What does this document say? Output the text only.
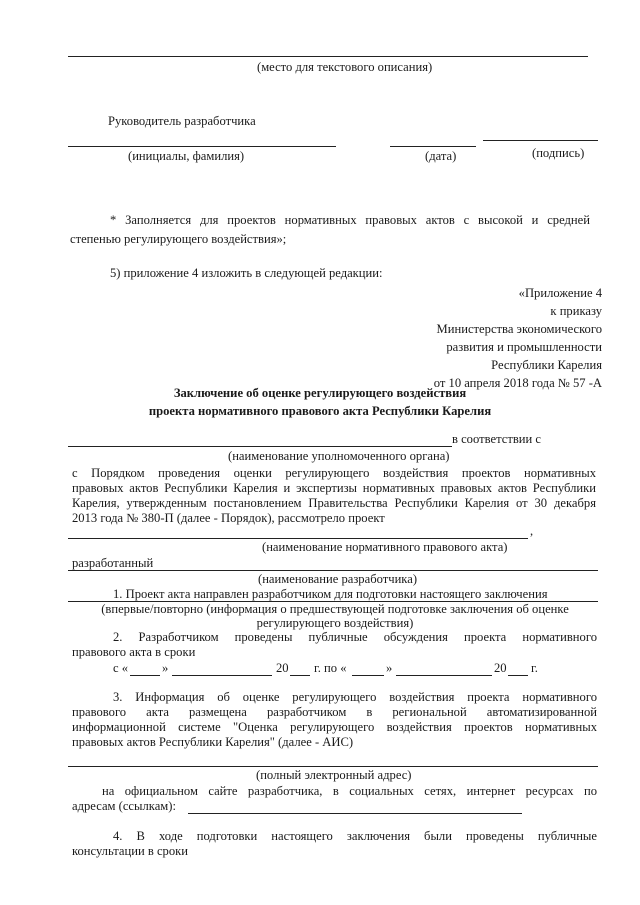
(место для текстового описания)
Руководитель разработчика
(инициалы, фамилия)	(дата)	(подпись)
* Заполняется для проектов нормативных правовых актов с высокой и средней
степенью регулирующего воздействия»;
5) приложение 4 изложить в следующей редакции:
«Приложение 4
к приказу
Министерства экономического
развития и промышленности
Республики Карелия
от 10 апреля 2018 года № 57 -А
Заключение об оценке регулирующего воздействия
проекта нормативного правового акта Республики Карелия
в соответствии с
(наименование уполномоченного органа)
с Порядком проведения оценки регулирующего воздействия проектов нормативных
правовых актов Республики Карелия и экспертизы нормативных правовых актов Республики
Карелия, утвержденным постановлением Правительства Республики Карелия от 30 декабря
2013 года № 380-П (далее - Порядок), рассмотрело проект
,
(наименование нормативного правового акта)
разработанный
(наименование разработчика)
1. Проект акта направлен разработчиком для подготовки настоящего заключения
(впервые/повторно (информация о предшествующей подготовке заключения об оценке
регулирующего воздействия)
2. Разработчиком проведены публичные обсуждения проекта нормативного
правового акта в сроки
с «	»	20 г. по «	»	20 г.
3. Информация об оценке регулирующего воздействия проекта нормативного
правового акта размещена разработчиком в региональной автоматизированной
информационной системе "Оценка регулирующего воздействия проектов нормативных
правовых актов Республики Карелия" (далее - АИС)
(полный электронный адрес)
на официальном сайте разработчика, в социальных сетях, интернет ресурсах по
адресам (ссылкам):
4. В ходе подготовки настоящего заключения были проведены публичные
консультации в сроки
